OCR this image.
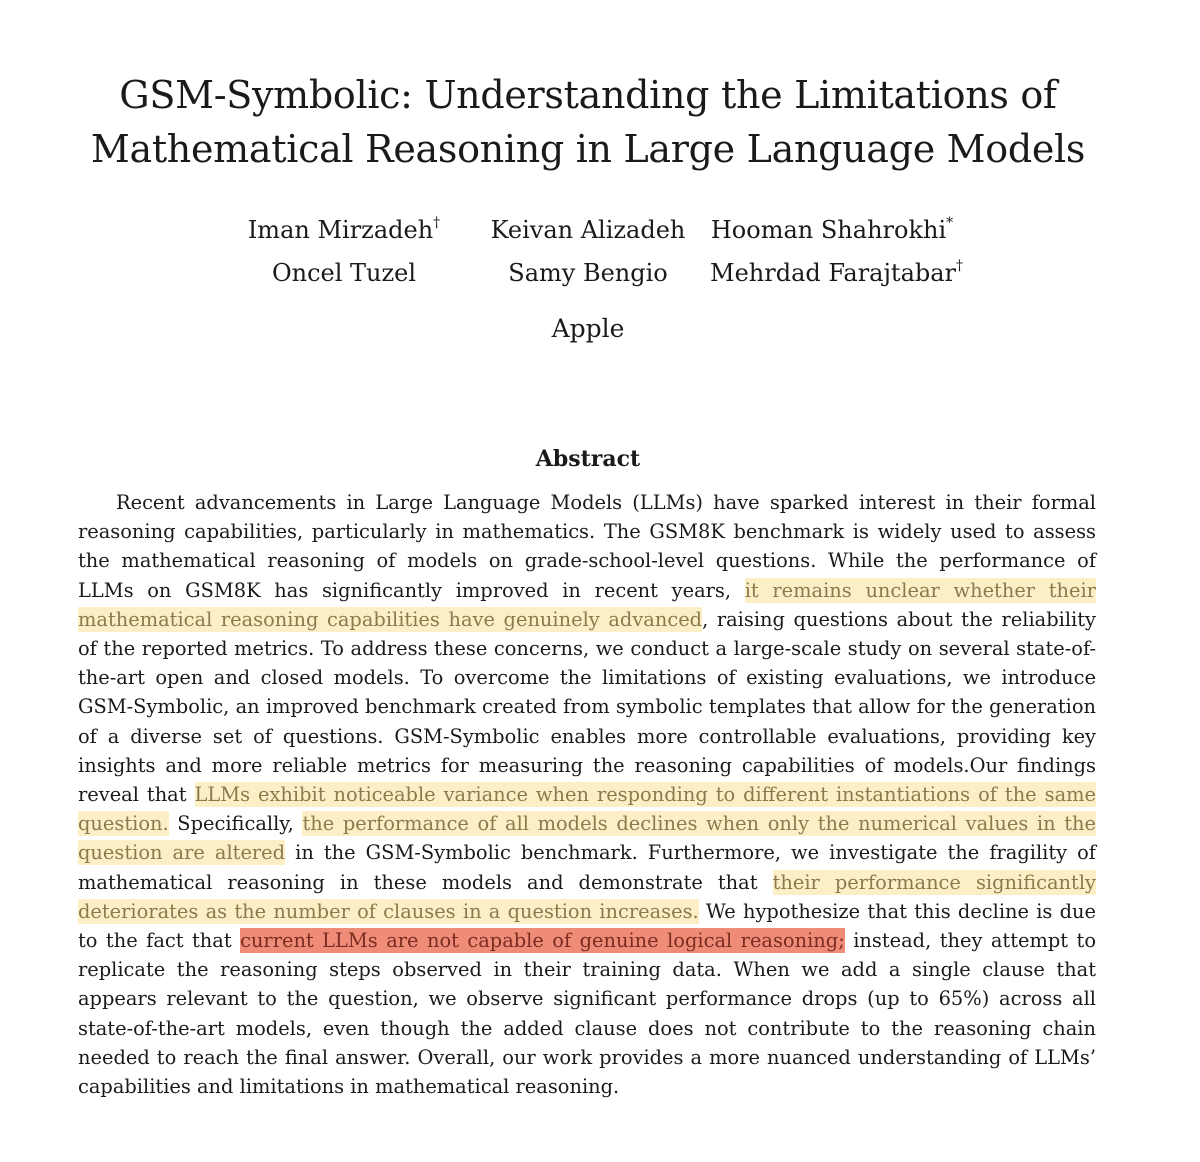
GSM-Symbolic: Understanding the Limitations of
Mathematical Reasoning in Large Language Models
Iman Mirzadeh†	Keivan Alizadeh	Hooman Shahrokhi*
Oncel Tuzel	Samy Bengio	Mehrdad Farajtabar†
Apple
Abstract

Recent advancements in Large Language Models (LLMs) have sparked interest in their formal reasoning capabilities, particularly in mathematics. The GSM8K benchmark is widely used to assess the mathematical reasoning of models on grade-school-level questions. While the performance of LLMs on GSM8K has significantly improved in recent years, it remains unclear whether their mathematical reasoning capabilities have genuinely advanced, raising questions about the reliability of the reported metrics. To address these concerns, we conduct a large-scale study on several state-of-the-art open and closed models. To overcome the limitations of existing evaluations, we introduce GSM-Symbolic, an improved benchmark created from symbolic templates that allow for the generation of a diverse set of questions. GSM-Symbolic enables more controllable evaluations, providing key insights and more reliable metrics for measuring the reasoning capabilities of models.Our findings reveal that LLMs exhibit noticeable variance when responding to different instantiations of the same question. Specifically, the performance of all models declines when only the numerical values in the question are altered in the GSM-Symbolic benchmark. Furthermore, we investigate the fragility of mathematical reasoning in these models and demonstrate that their performance significantly deteriorates as the number of clauses in a question increases. We hypothesize that this decline is due to the fact that current LLMs are not capable of genuine logical reasoning; instead, they attempt to replicate the reasoning steps observed in their training data. When we add a single clause that appears relevant to the question, we observe significant performance drops (up to 65%) across all state-of-the-art models, even though the added clause does not contribute to the reasoning chain needed to reach the final answer. Overall, our work provides a more nuanced understanding of LLMs’ capabilities and limitations in mathematical reasoning.
